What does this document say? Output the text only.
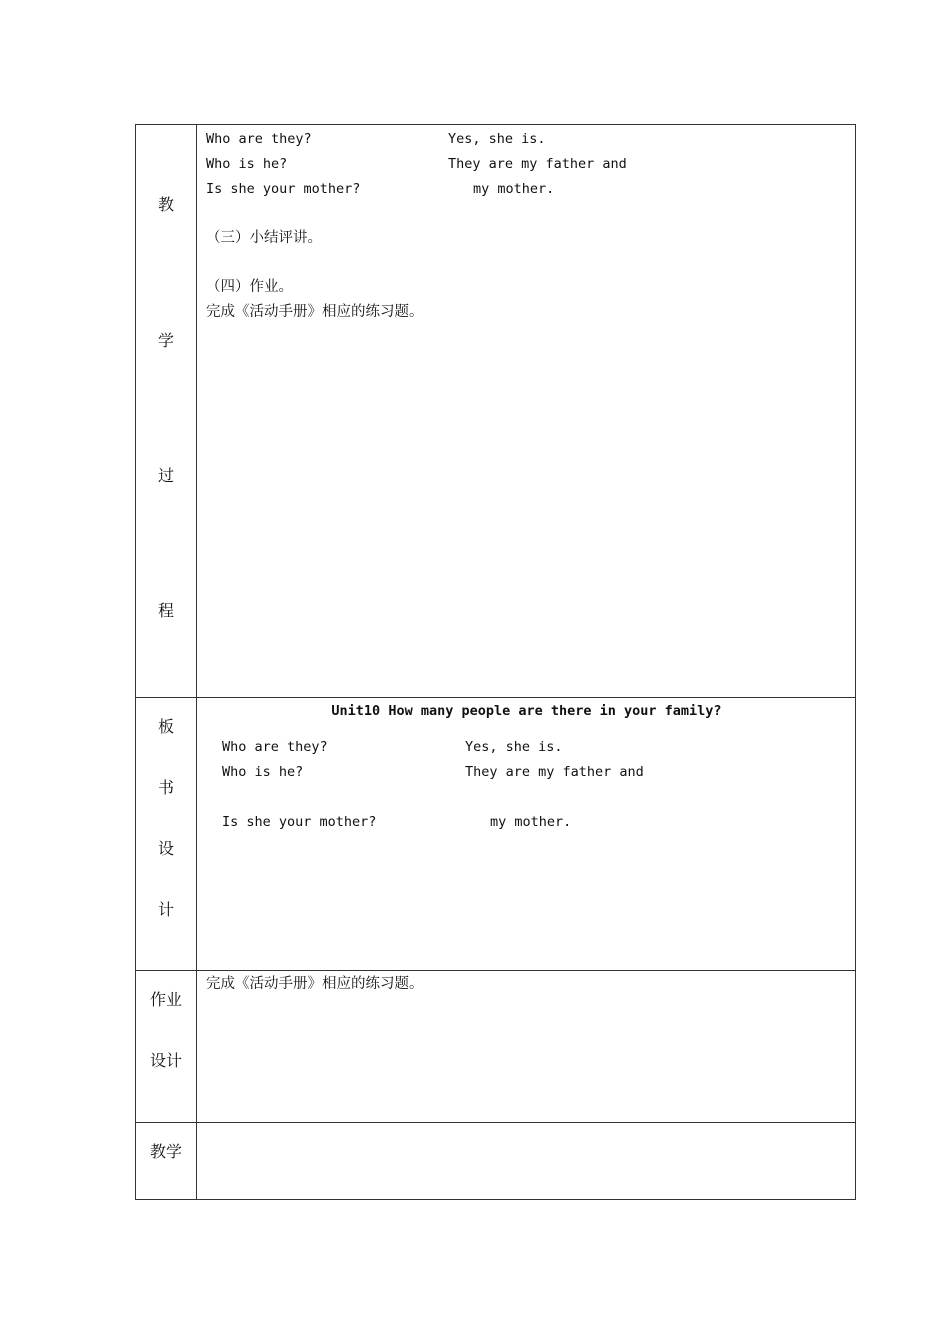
教
学
过
程
Who are they?
Who is he?
Is she your mother?
Yes, she is.
They are my father and
my mother.
（三）小结评讲。
（四）作业。
完成《活动手册》相应的练习题。
板
书
设
计
Unit10 How many people are there in your family?
Who are they?
Who is he?
Is she your mother?
Yes, she is.
They are my father and
my mother.
作业
设计
完成《活动手册》相应的练习题。
教学
